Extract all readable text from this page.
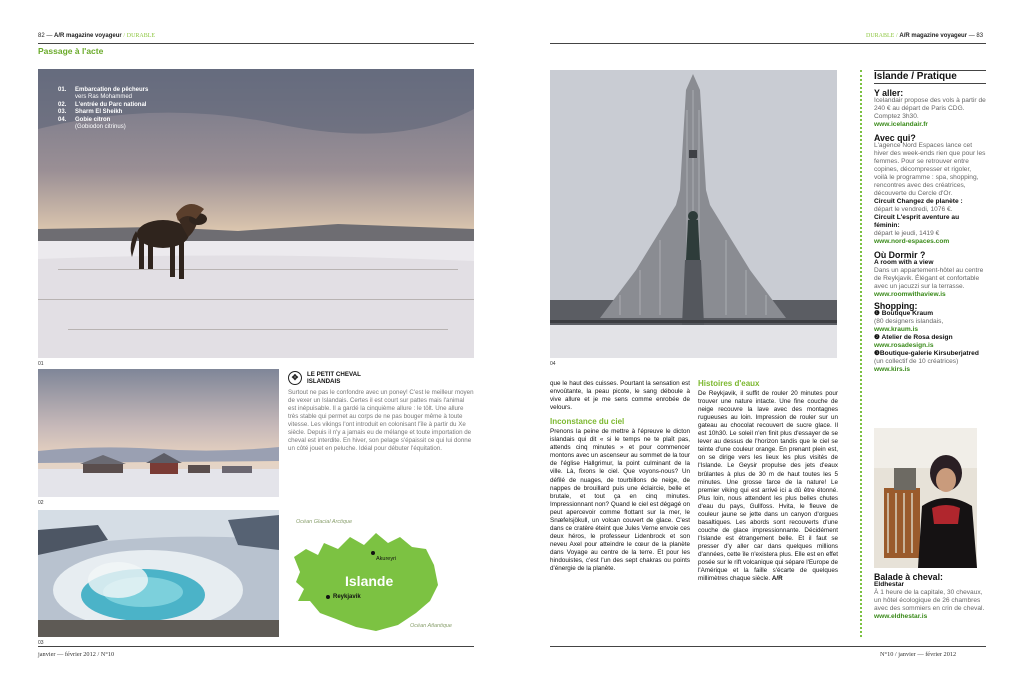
82 — A/R magazine voyageur / DURABLE
Passage à l'acte
01. Embarcation de pêcheurs
vers Ras Mohammed
02. L'entrée du Parc national
03. Sharm El Sheikh
04. Gobie citron
(Gobiodon citrinus)
01
02
03
✥	LE PETIT CHEVAL
ISLANDAIS
Surtout ne pas le confondre avec un poney! C'est le meilleur moyen de vexer un Islandais. Certes il est court sur pattes mais l'animal est inépuisable. Il a gardé la cinquième allure : le tölt. Une allure très stable qui permet au corps de ne pas bouger même à toute vitesse. Les vikings l'ont introduit en colonisant l'île à partir du Xe siècle. Depuis il n'y a jamais eu de mélange et toute importation de cheval est interdite. En hiver, son pelage s'épaissit ce qui lui donne un côté jouet en peluche. Idéal pour débuter l'équitation.
Océan Glacial Arctique
Océan Atlantique
Akureyri
Islande
Reykjavik
janvier — février 2012 / N°10
DURABLE / A/R magazine voyageur — 83
04

que le haut des cuisses. Pourtant la sensation est envoûtante, la peau picote, le sang déboule à vive allure et je me sens comme enrobée de velours.

Inconstance du ciel

Prenons la peine de mettre à l'épreuve le dicton islandais qui dit « si le temps ne te plaît pas, attends cinq minutes » et pour commencer montons avec un ascenseur au sommet de la tour de l'église Hallgrimur, la point culminant de la ville. Là, fixons le ciel. Que voyons-nous? Un défilé de nuages, de tourbillons de neige, de nappes de brouillard puis une éclaircie, belle et brutale, et tout ça en cinq minutes. Impressionnant non? Quand le ciel est dégagé on peut apercevoir comme flottant sur la mer, le Snæfelsjökull, un volcan couvert de glace. C'est dans ce cratère éteint que Jules Verne envoie ces deux héros, le professeur Lidenbrock et son neveu Axel pour atteindre le cœur de la planète dans Voyage au centre de la terre. Et pour les hindouistes, c'est l'un des sept chakras ou points d'énergie de la planète.

Histoires d'eaux

De Reykjavik, il suffit de rouler 20 minutes pour trouver une nature intacte. Une fine couche de neige recouvre la lave avec des montagnes rugueuses au loin. Impression de rouler sur un gateau au chocolat recouvert de sucre glace. Il est 10h30. Le soleil n'en finit plus d'essayer de se lever au dessus de l'horizon tandis que le ciel se teinte d'une couleur orange. En prenant plein est, on se dirige vers les lieux les plus visités de l'Islande. Le Geysir propulse des jets d'eaux brûlantes à plus de 30 m de haut toutes les 5 minutes. Une grosse farce de la nature! Le premier viking qui est arrivé ici a dû être étonné. Plus loin, nous attendent les plus belles chutes d'eau du pays, Gullfoss. Hvita, le fleuve de couleur jaune se jette dans un canyon d'orgues basaltiques. Les abords sont recouverts d'une couche de glace impressionnante. Décidément l'Islande est étrangement belle. Et il faut se presser d'y aller car dans quelques millions d'années, cette île n'existera plus. Elle est en effet posée sur le rift volcanique qui sépare l'Europe de l'Amérique et la faille s'écarte de quelques millimètres chaque siècle. A/R

Islande / Pratique
Y aller:
Icelandair propose des vols à partir de 240 € au départ de Paris CDG. Comptez 3h30.
www.icelandair.fr
Avec qui?
L'agence Nord Espaces lance cet hiver des week-ends rien que pour les femmes. Pour se retrouver entre copines, décompresser et rigoler, voilà le programme : spa, shopping, rencontres avec des créatrices, découverte du Cercle d'Or.
Circuit Changez de planète :
départ le vendredi, 1076 €.
Circuit L'esprit aventure au féminin:
départ le jeudi, 1419 €
www.nord-espaces.com
Où Dormir ?
A room with a view
Dans un appartement-hôtel au centre de Reykjavik. Élégant et confortable avec un jacuzzi sur la terrasse.
www.roomwithaview.is
Shopping:
❶ Boutique Kraum
(80 designers islandais,
www.kraum.is
❷ Atelier de Rosa design
www.rosadesign.is
❸Boutique-galerie Kirsuberjatred
(un collectif de 10 créatrices)
www.kirs.is
Balade à cheval:
Eldhestar
À 1 heure de la capitale, 30 chevaux, un hôtel écologique de 26 chambres avec des sommiers en crin de cheval.
www.eldhestar.is
N°10 / janvier — février 2012
